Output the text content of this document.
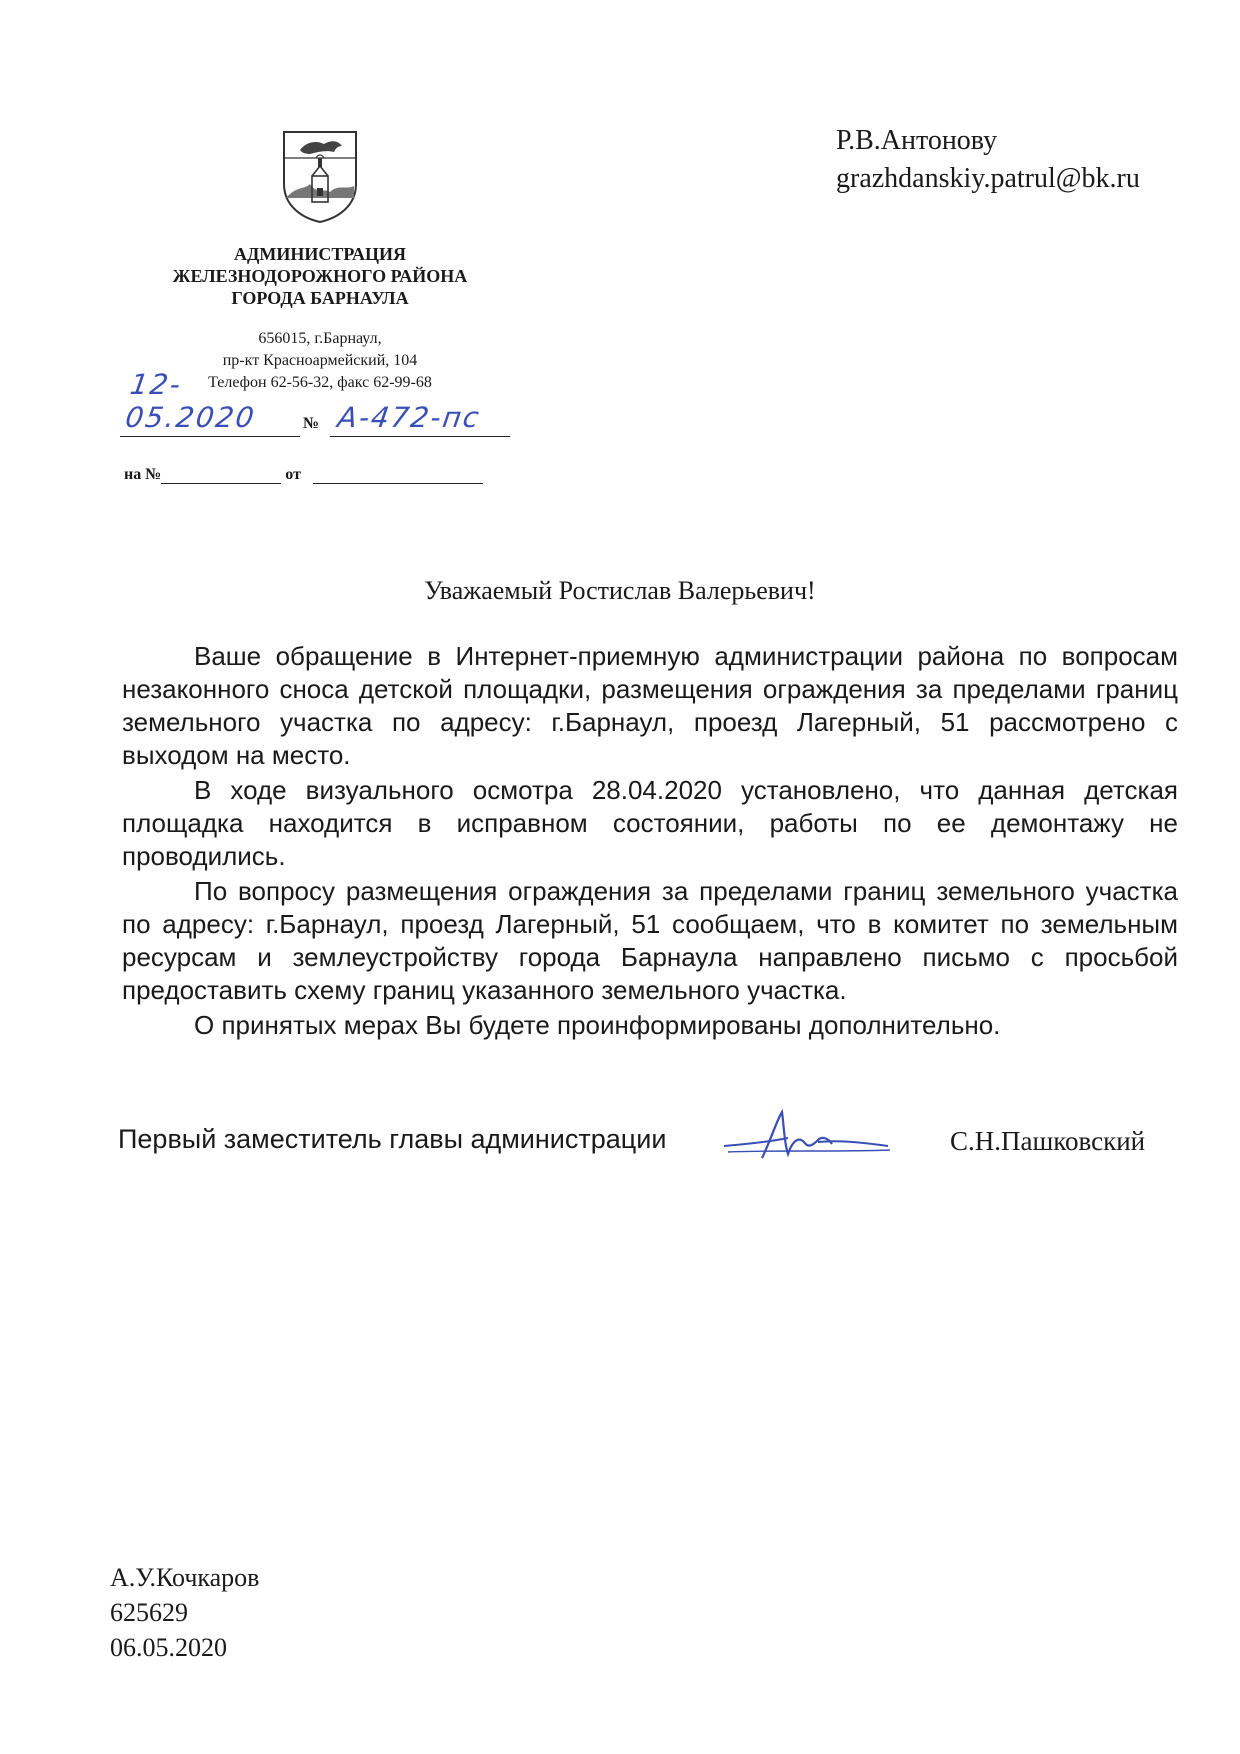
АДМИНИСТРАЦИЯ
ЖЕЛЕЗНОДОРОЖНОГО РАЙОНА
ГОРОДА БАРНАУЛА
656015, г.Барнаул,
пр-кт Красноармейский, 104
Телефон 62-56-32, факс 62-99-68
12-05.2020	№ А-472-пс
на №	от
Р.В.Антонову
grazhdanskiy.patrul@bk.ru
Уважаемый Ростислав Валерьевич!

Ваше обращение в Интернет-приемную администрации района по вопросам незаконного сноса детской площадки, размещения ограждения за пределами границ земельного участка по адресу: г.Барнаул, проезд Лагерный, 51 рассмотрено с выходом на место.

В ходе визуального осмотра 28.04.2020 установлено, что данная детская площадка находится в исправном состоянии, работы по ее демонтажу не проводились.

По вопросу размещения ограждения за пределами границ земельного участка по адресу: г.Барнаул, проезд Лагерный, 51 сообщаем, что в комитет по земельным ресурсам и землеустройству города Барнаула направлено письмо с просьбой предоставить схему границ указанного земельного участка.

О принятых мерах Вы будете проинформированы дополнительно.

Первый заместитель главы администрации	С.Н.Пашковский
А.У.Кочкаров
625629
06.05.2020
